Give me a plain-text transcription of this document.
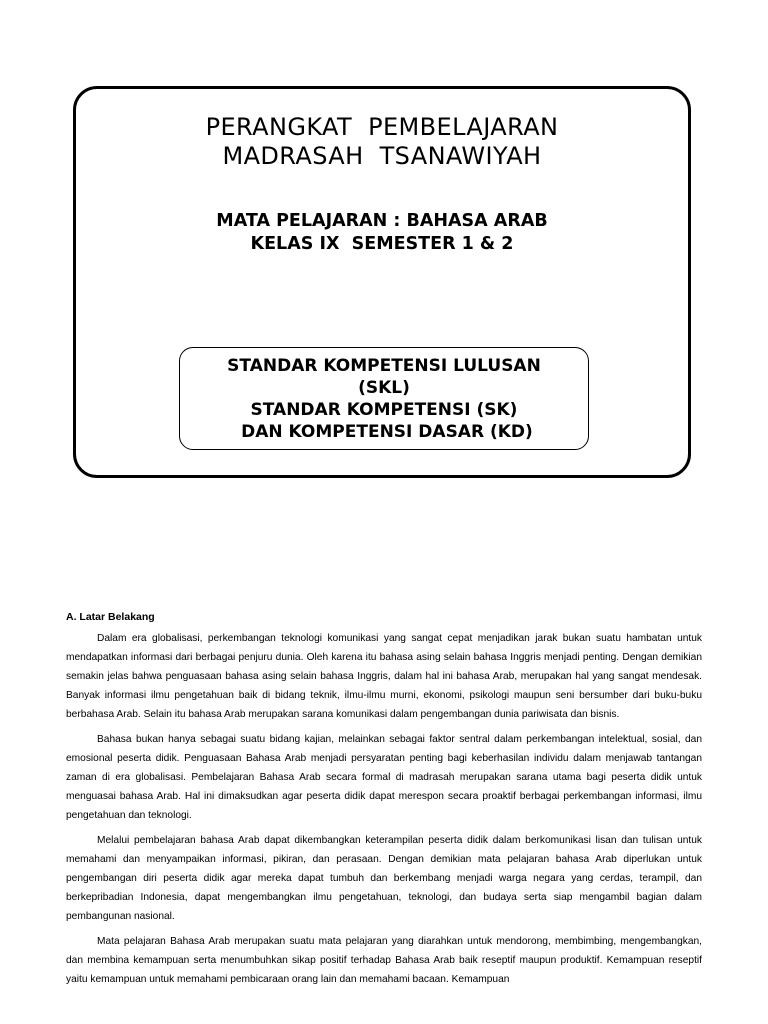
PERANGKAT  PEMBELAJARAN
MADRASAH  TSANAWIYAH
MATA PELAJARAN : BAHASA ARAB
KELAS IX  SEMESTER 1 & 2
STANDAR KOMPETENSI LULUSAN
(SKL)
STANDAR KOMPETENSI (SK)
DAN KOMPETENSI DASAR (KD)
A. Latar Belakang

Dalam era globalisasi, perkembangan teknologi komunikasi yang sangat cepat menjadikan jarak bukan suatu hambatan untuk mendapatkan informasi dari berbagai penjuru dunia. Oleh karena itu bahasa asing selain bahasa Inggris menjadi penting. Dengan demikian semakin jelas bahwa penguasaan bahasa asing selain bahasa Inggris, dalam hal ini bahasa Arab, merupakan hal yang sangat mendesak. Banyak informasi ilmu pengetahuan baik di bidang teknik, ilmu-ilmu murni, ekonomi, psikologi maupun seni bersumber dari buku-buku berbahasa Arab. Selain itu bahasa Arab merupakan sarana komunikasi dalam pengembangan dunia pariwisata dan bisnis.

Bahasa bukan hanya sebagai suatu bidang kajian, melainkan sebagai faktor sentral dalam perkembangan intelektual, sosial, dan emosional peserta didik. Penguasaan Bahasa Arab menjadi persyaratan penting bagi keberhasilan individu dalam menjawab tantangan zaman di era globalisasi. Pembelajaran Bahasa Arab secara formal di madrasah merupakan sarana utama bagi peserta didik untuk menguasai bahasa Arab. Hal ini dimaksudkan agar peserta didik dapat merespon secara proaktif berbagai perkembangan informasi, ilmu pengetahuan dan teknologi.

Melalui pembelajaran bahasa Arab dapat dikembangkan keterampilan peserta didik dalam berkomunikasi lisan dan tulisan untuk memahami dan menyampaikan informasi, pikiran, dan perasaan. Dengan demikian mata pelajaran bahasa Arab diperlukan untuk pengembangan diri peserta didik agar mereka dapat tumbuh dan berkembang menjadi warga negara yang cerdas, terampil, dan berkepribadian Indonesia, dapat mengembangkan ilmu pengetahuan, teknologi, dan budaya serta siap mengambil bagian dalam pembangunan nasional.

Mata pelajaran Bahasa Arab merupakan suatu mata pelajaran yang diarahkan untuk mendorong, membimbing, mengembangkan, dan membina kemampuan serta menumbuhkan sikap positif terhadap Bahasa Arab baik reseptif maupun produktif. Kemampuan reseptif yaitu kemampuan untuk memahami pembicaraan orang lain dan memahami bacaan. Kemampuan
